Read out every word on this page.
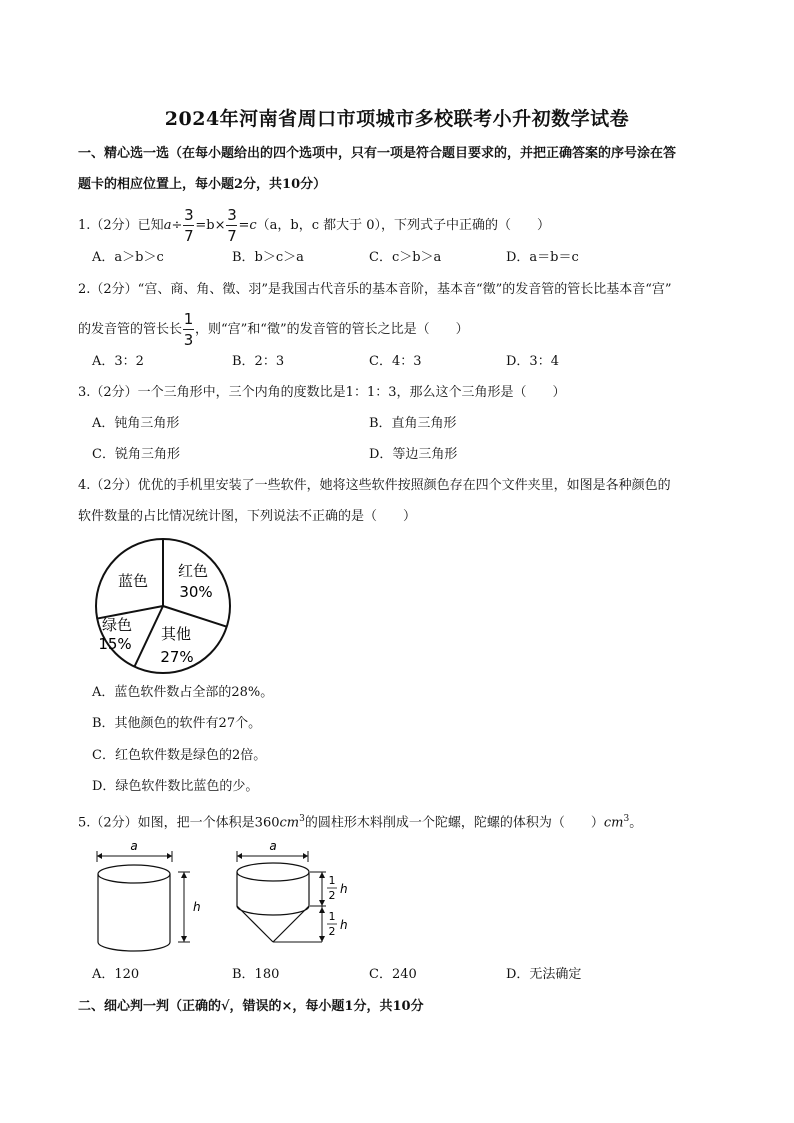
2024年河南省周口市项城市多校联考小升初数学试卷
一、精心选一选（在每小题给出的四个选项中，只有一项是符合题目要求的，并把正确答案的序号涂在答
题卡的相应位置上，每小题2分，共10分）
1.（2分）已知$a\div \frac{3}{7} =b\times \frac{3}{7} =c(a$，b，c 都大于 0），下列式子中正确的（　　）
A．a＞b＞c	B．b＞c＞a	C．c＞b＞a	D．a＝b＝c
2.（2分）“宫、商、角、徵、羽”是我国古代音乐的基本音阶，基本音“徵”的发音管的管长比基本音“宫”
的发音管的管长长 $\frac{1}{3}$ ，则“宫”和“徵”的发音管的管长之比是（　　）
A．3：2	B．2：3	C．4：3	D．3：4
3.（2分）一个三角形中，三个内角的度数比是1：1：3，那么这个三角形是（　　）
A．钝角三角形	B．直角三角形
C．锐角三角形	D．等边三角形
4.（2分）优优的手机里安装了一些软件，她将这些软件按照颜色存在四个文件夹里，如图是各种颜色的
软件数量的占比情况统计图，下列说法不正确的是（　　）
红色
30%
其他
27%
绿色
15%
蓝色
A．蓝色软件数占全部的28%。
B．其他颜色的软件有27个。
C．红色软件数是绿色的2倍。
D．绿色软件数比蓝色的少。
5.（2分）如图，把一个体积是$360cm^3$的圆柱形木料削成一个陀螺，陀螺的体积为（　　）$cm^3$。
a
h
a
1
2 h
1
2 h
A．120	B．180	C．240	D．无法确定
二、细心判一判（正确的√，错误的×，每小题1分，共10分
